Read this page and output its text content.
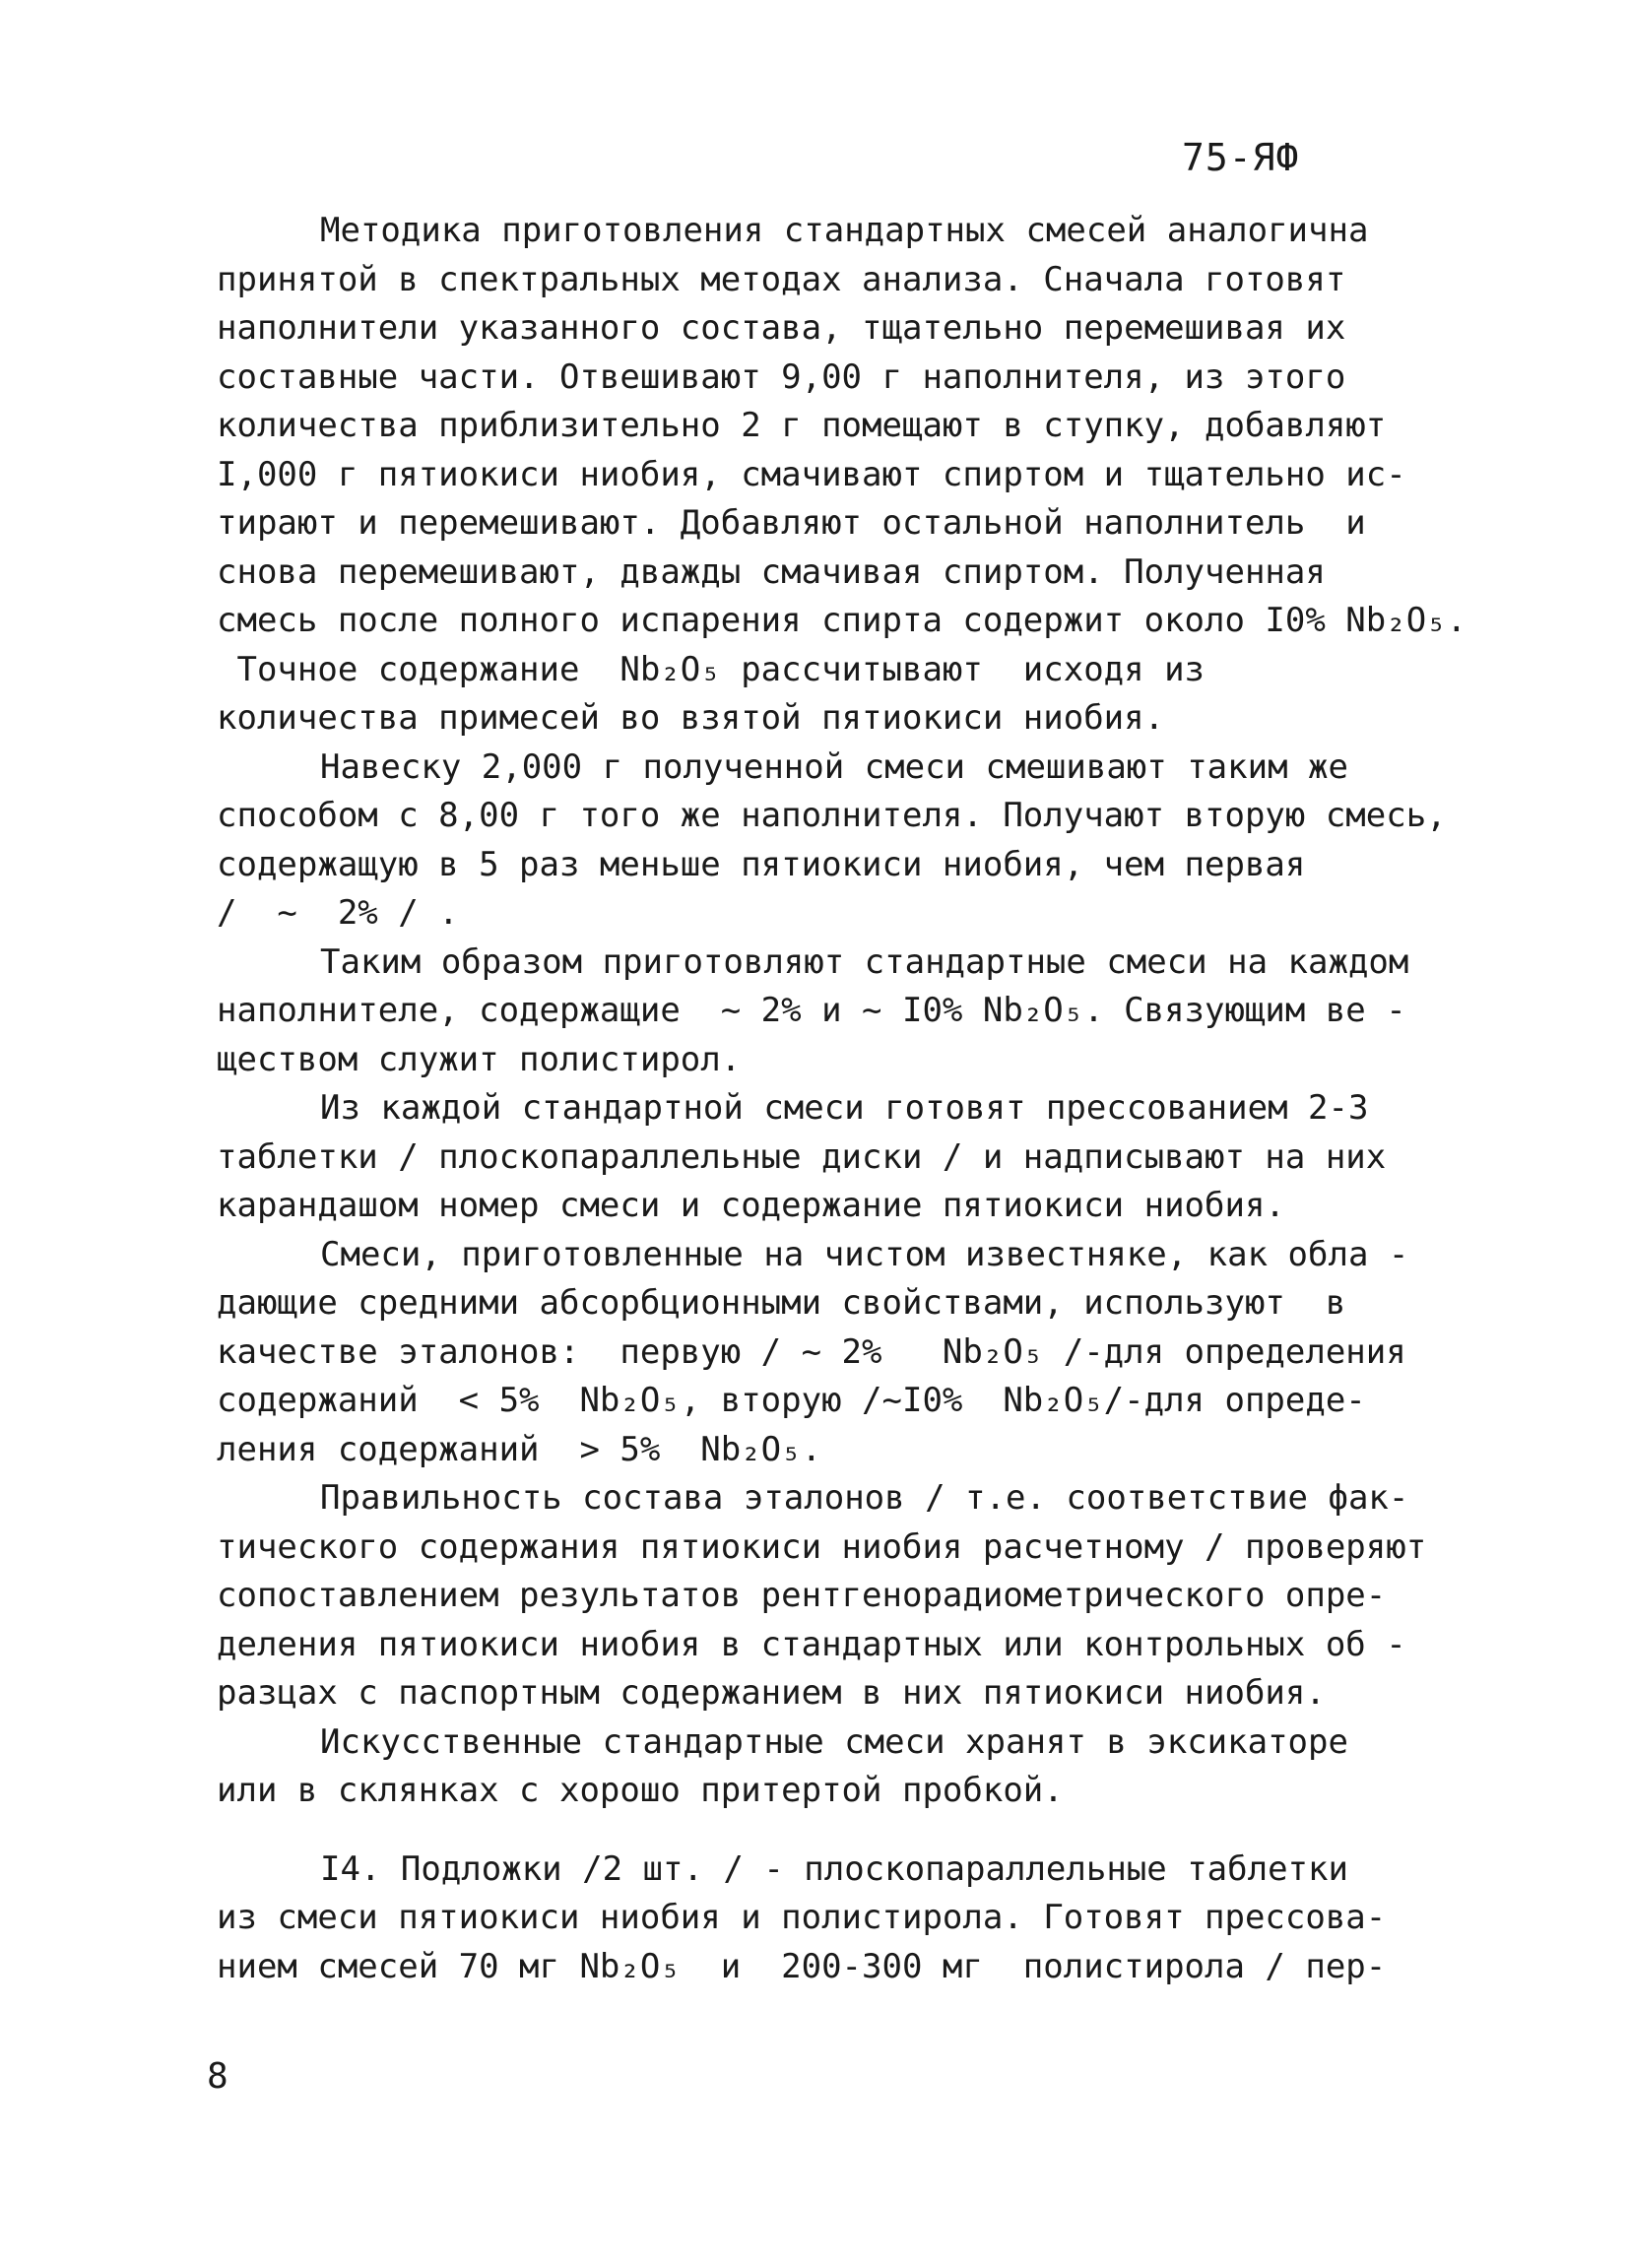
75-ЯФ
Методика приготовления стандартных смесей аналогична
принятой в спектральных методах анализа. Сначала готовят
наполнители указанного состава, тщательно перемешивая их
составные части. Отвешивают 9,00 г наполнителя, из этого
количества приблизительно 2 г помещают в ступку, добавляют
I,000 г пятиокиси ниобия, смачивают спиртом и тщательно ис-
тирают и перемешивают. Добавляют остальной наполнитель  и
снова перемешивают, дважды смачивая спиртом. Полученная
смесь после полного испарения спирта содержит около I0% Nb₂O₅.
Точное содержание  Nb₂O₅ рассчитывают  исходя из
количества примесей во взятой пятиокиси ниобия.
Навеску 2,000 г полученной смеси смешивают таким же
способом с 8,00 г того же наполнителя. Получают вторую смесь,
содержащую в 5 раз меньше пятиокиси ниобия, чем первая
/  ~  2% / .
Таким образом приготовляют стандартные смеси на каждом
наполнителе, содержащие  ~ 2% и ~ I0% Nb₂O₅. Связующим ве -
ществом служит полистирол.
Из каждой стандартной смеси готовят прессованием 2-3
таблетки / плоскопараллельные диски / и надписывают на них
карандашом номер смеси и содержание пятиокиси ниобия.
Смеси, приготовленные на чистом известняке, как обла -
дающие средними абсорбционными свойствами, используют  в
качестве эталонов:  первую / ~ 2%   Nb₂O₅ /-для определения
содержаний  < 5%  Nb₂O₅, вторую /~I0%  Nb₂O₅/-для опреде-
ления содержаний  > 5%  Nb₂O₅.
Правильность состава эталонов / т.е. соответствие фак-
тического содержания пятиокиси ниобия расчетному / проверяют
сопоставлением результатов рентгенорадиометрического опре-
деления пятиокиси ниобия в стандартных или контрольных об -
разцах с паспортным содержанием в них пятиокиси ниобия.
Искусственные стандартные смеси хранят в эксикаторе
или в склянках с хорошо притертой пробкой.
I4. Подложки /2 шт. / - плоскопараллельные таблетки
из смеси пятиокиси ниобия и полистирола. Готовят прессова-
нием смесей 70 мг Nb₂O₅  и  200-300 мг  полистирола / пер-
8
